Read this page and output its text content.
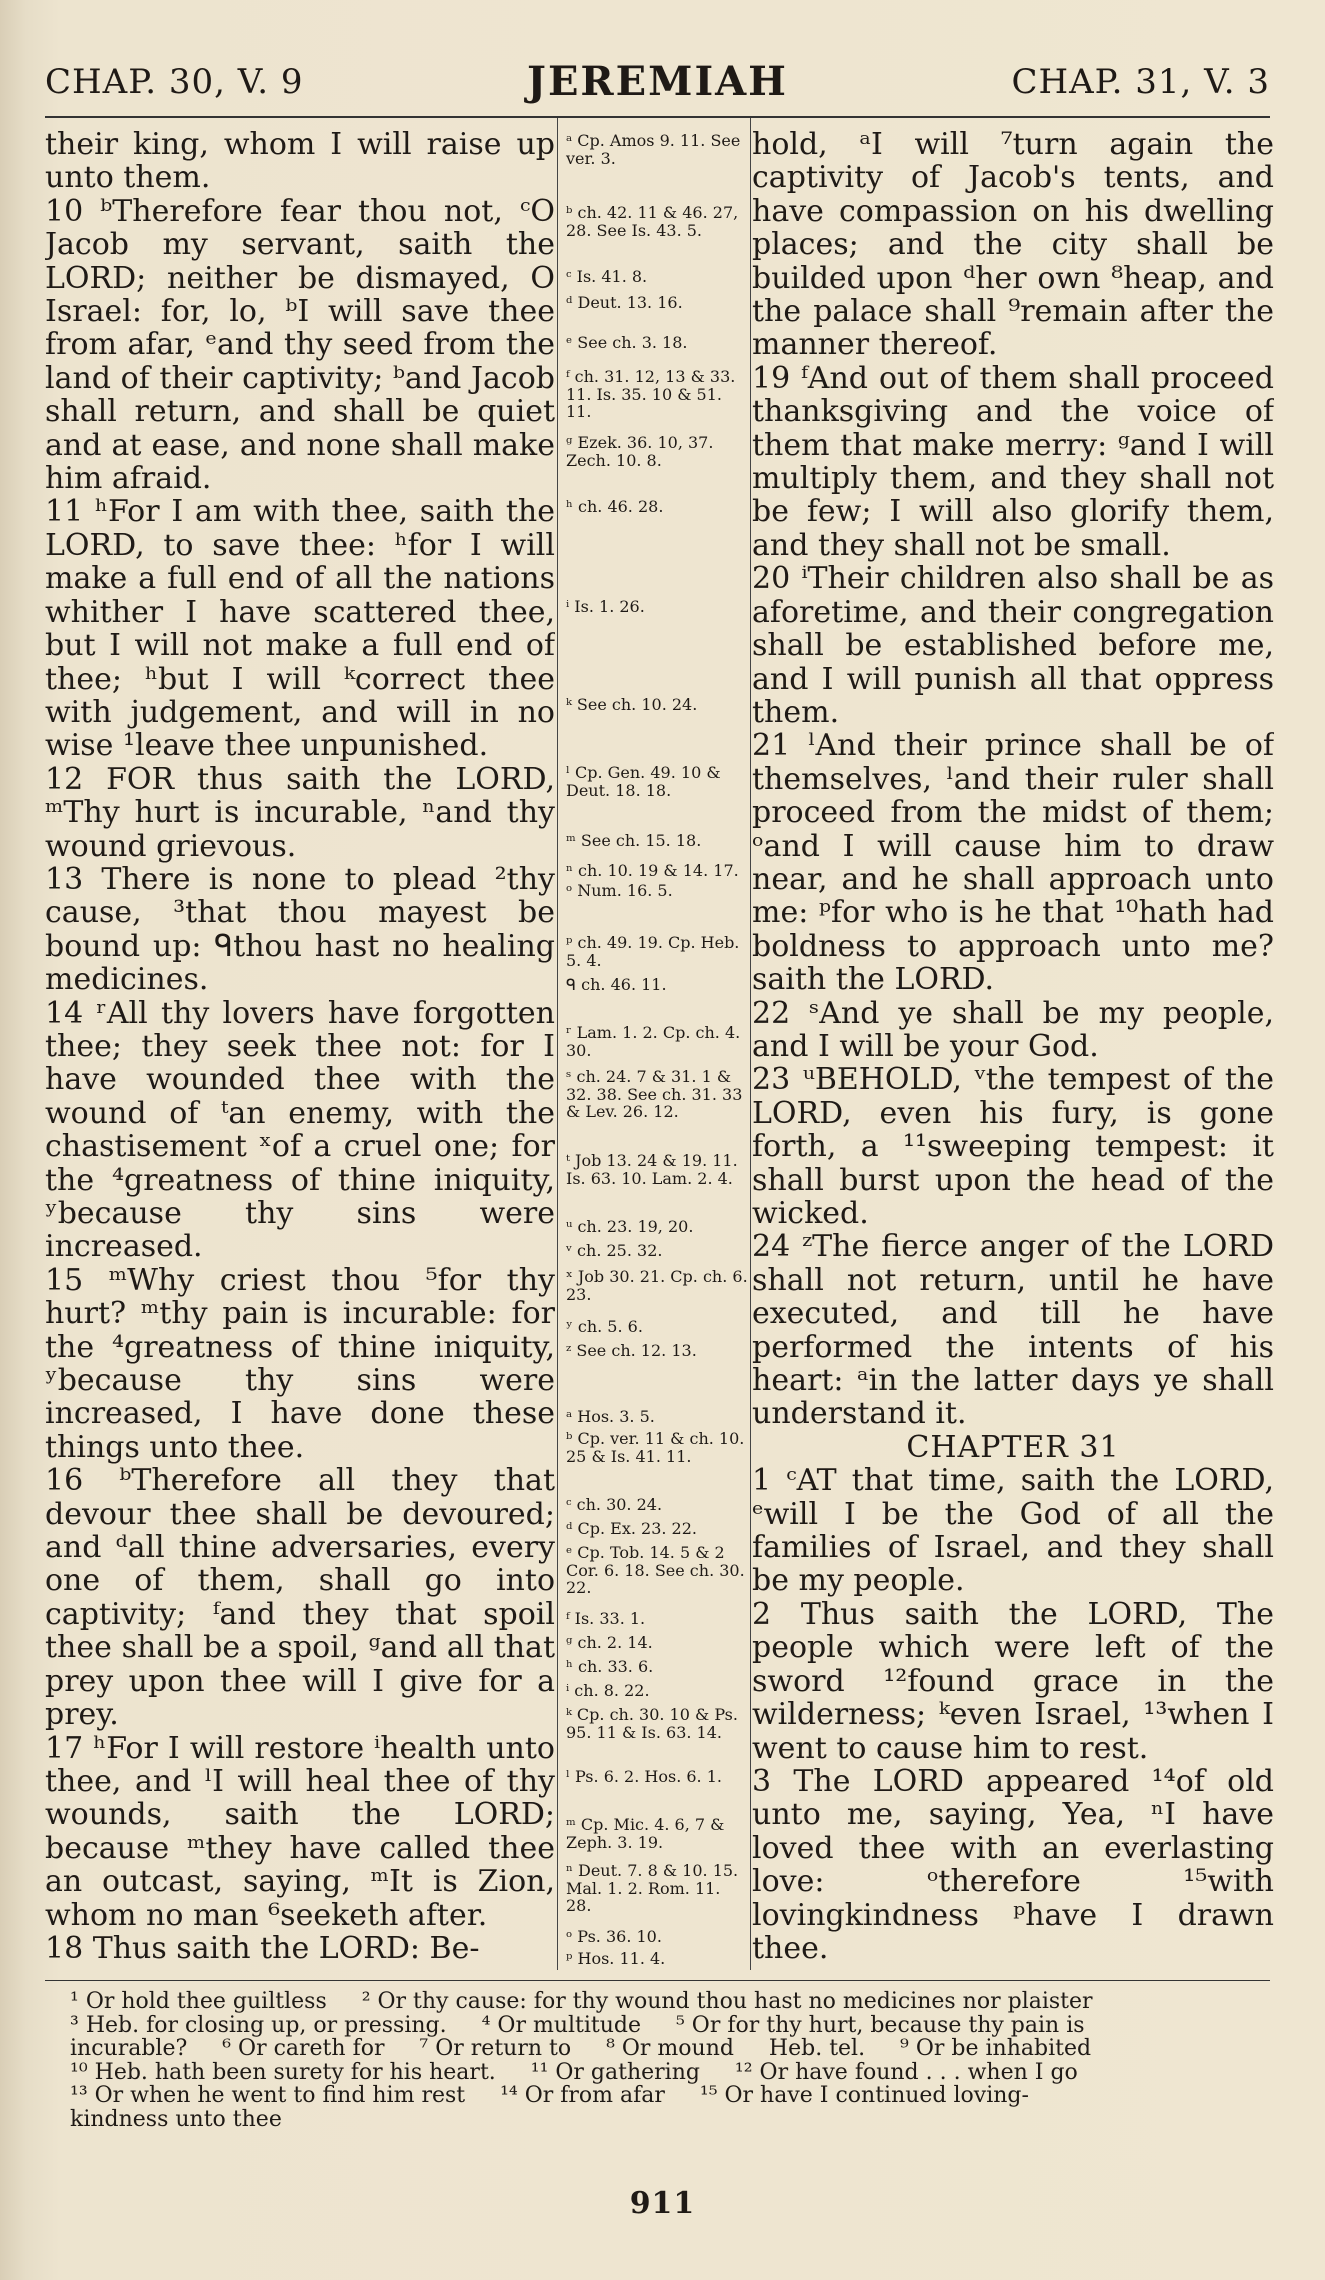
CHAP. 30, V. 9	JEREMIAH	CHAP. 31, V. 3

their king, whom I will raise up unto them.

10 ᵇTherefore fear thou not, ᶜO Jacob my servant, saith the LORD; neither be dismayed, O Israel: for, lo, ᵇI will save thee from afar, ᵉand thy seed from the land of their captivity; ᵇand Jacob shall return, and shall be quiet and at ease, and none shall make him afraid.

11 ʰFor I am with thee, saith the LORD, to save thee: ʰfor I will make a full end of all the nations whither I have scattered thee, but I will not make a full end of thee; ʰbut I will ᵏcorrect thee with judgement, and will in no wise ¹leave thee unpunished.

12 FOR thus saith the LORD, ᵐThy hurt is incurable, ⁿand thy wound grievous.

13 There is none to plead ²thy cause, ³that thou mayest be bound up: ᑫthou hast no healing medicines.

14 ʳAll thy lovers have forgotten thee; they seek thee not: for I have wounded thee with the wound of ᵗan enemy, with the chastisement ˣof a cruel one; for the ⁴greatness of thine iniquity, ʸbecause thy sins were increased.

15 ᵐWhy criest thou ⁵for thy hurt? ᵐthy pain is incurable: for the ⁴greatness of thine iniquity, ʸbecause thy sins were increased, I have done these things unto thee.

16 ᵇTherefore all they that devour thee shall be devoured; and ᵈall thine adversaries, every one of them, shall go into captivity; ᶠand they that spoil thee shall be a spoil, ᵍand all that prey upon thee will I give for a prey.

17 ʰFor I will restore ⁱhealth unto thee, and ˡI will heal thee of thy wounds, saith the LORD; because ᵐthey have called thee an outcast, saying, ᵐIt is Zion, whom no man ⁶seeketh after.

18 Thus saith the LORD: Be-

ᵃ Cp. Amos 9. 11. See ver. 3.
ᵇ ch. 42. 11 & 46. 27, 28. See Is. 43. 5.
ᶜ Is. 41. 8.
ᵈ Deut. 13. 16.
ᵉ See ch. 3. 18.
ᶠ ch. 31. 12, 13 & 33. 11. Is. 35. 10 & 51. 11.
ᵍ Ezek. 36. 10, 37. Zech. 10. 8.
ʰ ch. 46. 28.
ⁱ Is. 1. 26.
ᵏ See ch. 10. 24.
ˡ Cp. Gen. 49. 10 & Deut. 18. 18.
ᵐ See ch. 15. 18.
ⁿ ch. 10. 19 & 14. 17.
ᵒ Num. 16. 5.
ᵖ ch. 49. 19. Cp. Heb. 5. 4.
ᑫ ch. 46. 11.
ʳ Lam. 1. 2. Cp. ch. 4. 30.
ˢ ch. 24. 7 & 31. 1 & 32. 38. See ch. 31. 33 & Lev. 26. 12.
ᵗ Job 13. 24 & 19. 11. Is. 63. 10. Lam. 2. 4.
ᵘ ch. 23. 19, 20.
ᵛ ch. 25. 32.
ˣ Job 30. 21. Cp. ch. 6. 23.
ʸ ch. 5. 6.
ᶻ See ch. 12. 13.
ᵃ Hos. 3. 5.
ᵇ Cp. ver. 11 & ch. 10. 25 & Is. 41. 11.
ᶜ ch. 30. 24.
ᵈ Cp. Ex. 23. 22.
ᵉ Cp. Tob. 14. 5 & 2 Cor. 6. 18. See ch. 30. 22.
ᶠ Is. 33. 1.
ᵍ ch. 2. 14.
ʰ ch. 33. 6.
ⁱ ch. 8. 22.
ᵏ Cp. ch. 30. 10 & Ps. 95. 11 & Is. 63. 14.
ˡ Ps. 6. 2. Hos. 6. 1.
ᵐ Cp. Mic. 4. 6, 7 & Zeph. 3. 19.
ⁿ Deut. 7. 8 & 10. 15. Mal. 1. 2. Rom. 11. 28.
ᵒ Ps. 36. 10.
ᵖ Hos. 11. 4.

hold, ᵃI will ⁷turn again the captivity of Jacob's tents, and have compassion on his dwelling places; and the city shall be builded upon ᵈher own ⁸heap, and the palace shall ⁹remain after the manner thereof.

19 ᶠAnd out of them shall proceed thanksgiving and the voice of them that make merry: ᵍand I will multiply them, and they shall not be few; I will also glorify them, and they shall not be small.

20 ⁱTheir children also shall be as aforetime, and their congregation shall be established before me, and I will punish all that oppress them.

21 ˡAnd their prince shall be of themselves, ˡand their ruler shall proceed from the midst of them; ᵒand I will cause him to draw near, and he shall approach unto me: ᵖfor who is he that ¹⁰hath had boldness to approach unto me? saith the LORD.

22 ˢAnd ye shall be my people, and I will be your God.

23 ᵘBEHOLD, ᵛthe tempest of the LORD, even his fury, is gone forth, a ¹¹sweeping tempest: it shall burst upon the head of the wicked.

24 ᶻThe fierce anger of the LORD shall not return, until he have executed, and till he have performed the intents of his heart: ᵃin the latter days ye shall understand it.

CHAPTER 31

1 ᶜAT that time, saith the LORD, ᵉwill I be the God of all the families of Israel, and they shall be my people.

2 Thus saith the LORD, The people which were left of the sword ¹²found grace in the wilderness; ᵏeven Israel, ¹³when I went to cause him to rest.

3 The LORD appeared ¹⁴of old unto me, saying, Yea, ⁿI have loved thee with an everlasting love: ᵒtherefore ¹⁵with lovingkindness ᵖhave I drawn thee.

¹ Or hold thee guiltless     ² Or thy cause: for thy wound thou hast no medicines nor plaister

³ Heb. for closing up, or pressing.     ⁴ Or multitude     ⁵ Or for thy hurt, because thy pain is

incurable?     ⁶ Or careth for     ⁷ Or return to     ⁸ Or mound     Heb. tel.     ⁹ Or be inhabited

¹⁰ Heb. hath been surety for his heart.     ¹¹ Or gathering     ¹² Or have found . . . when I go

¹³ Or when he went to find him rest     ¹⁴ Or from afar     ¹⁵ Or have I continued loving-

kindness unto thee

911
